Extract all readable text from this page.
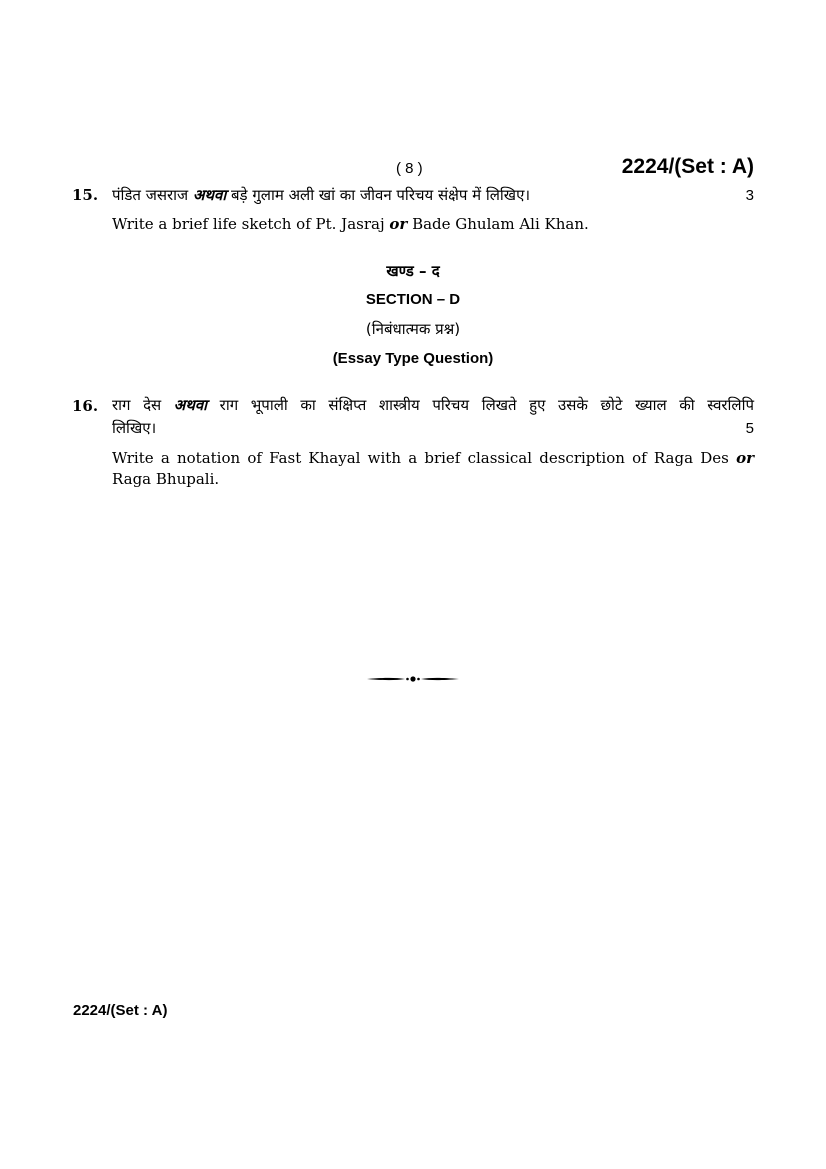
( 8 )	2224/(Set : A)
15. पंडित जसराज अथवा बड़े गुलाम अली खां का जीवन परिचय संक्षेप में लिखिए।	3
Write a brief life sketch of Pt. Jasraj or Bade Ghulam Ali Khan.
खण्ड – द
SECTION – D
(निबंधात्मक प्रश्न)
(Essay Type Question)
16. राग देस अथवा राग भूपाली का संक्षिप्त शास्त्रीय परिचय लिखते हुए उसके छोटे ख्याल की स्वरलिपि
लिखिए।	5
Write a notation of Fast Khayal with a brief classical description of Raga Des or
Raga Bhupali.
2224/(Set : A)
